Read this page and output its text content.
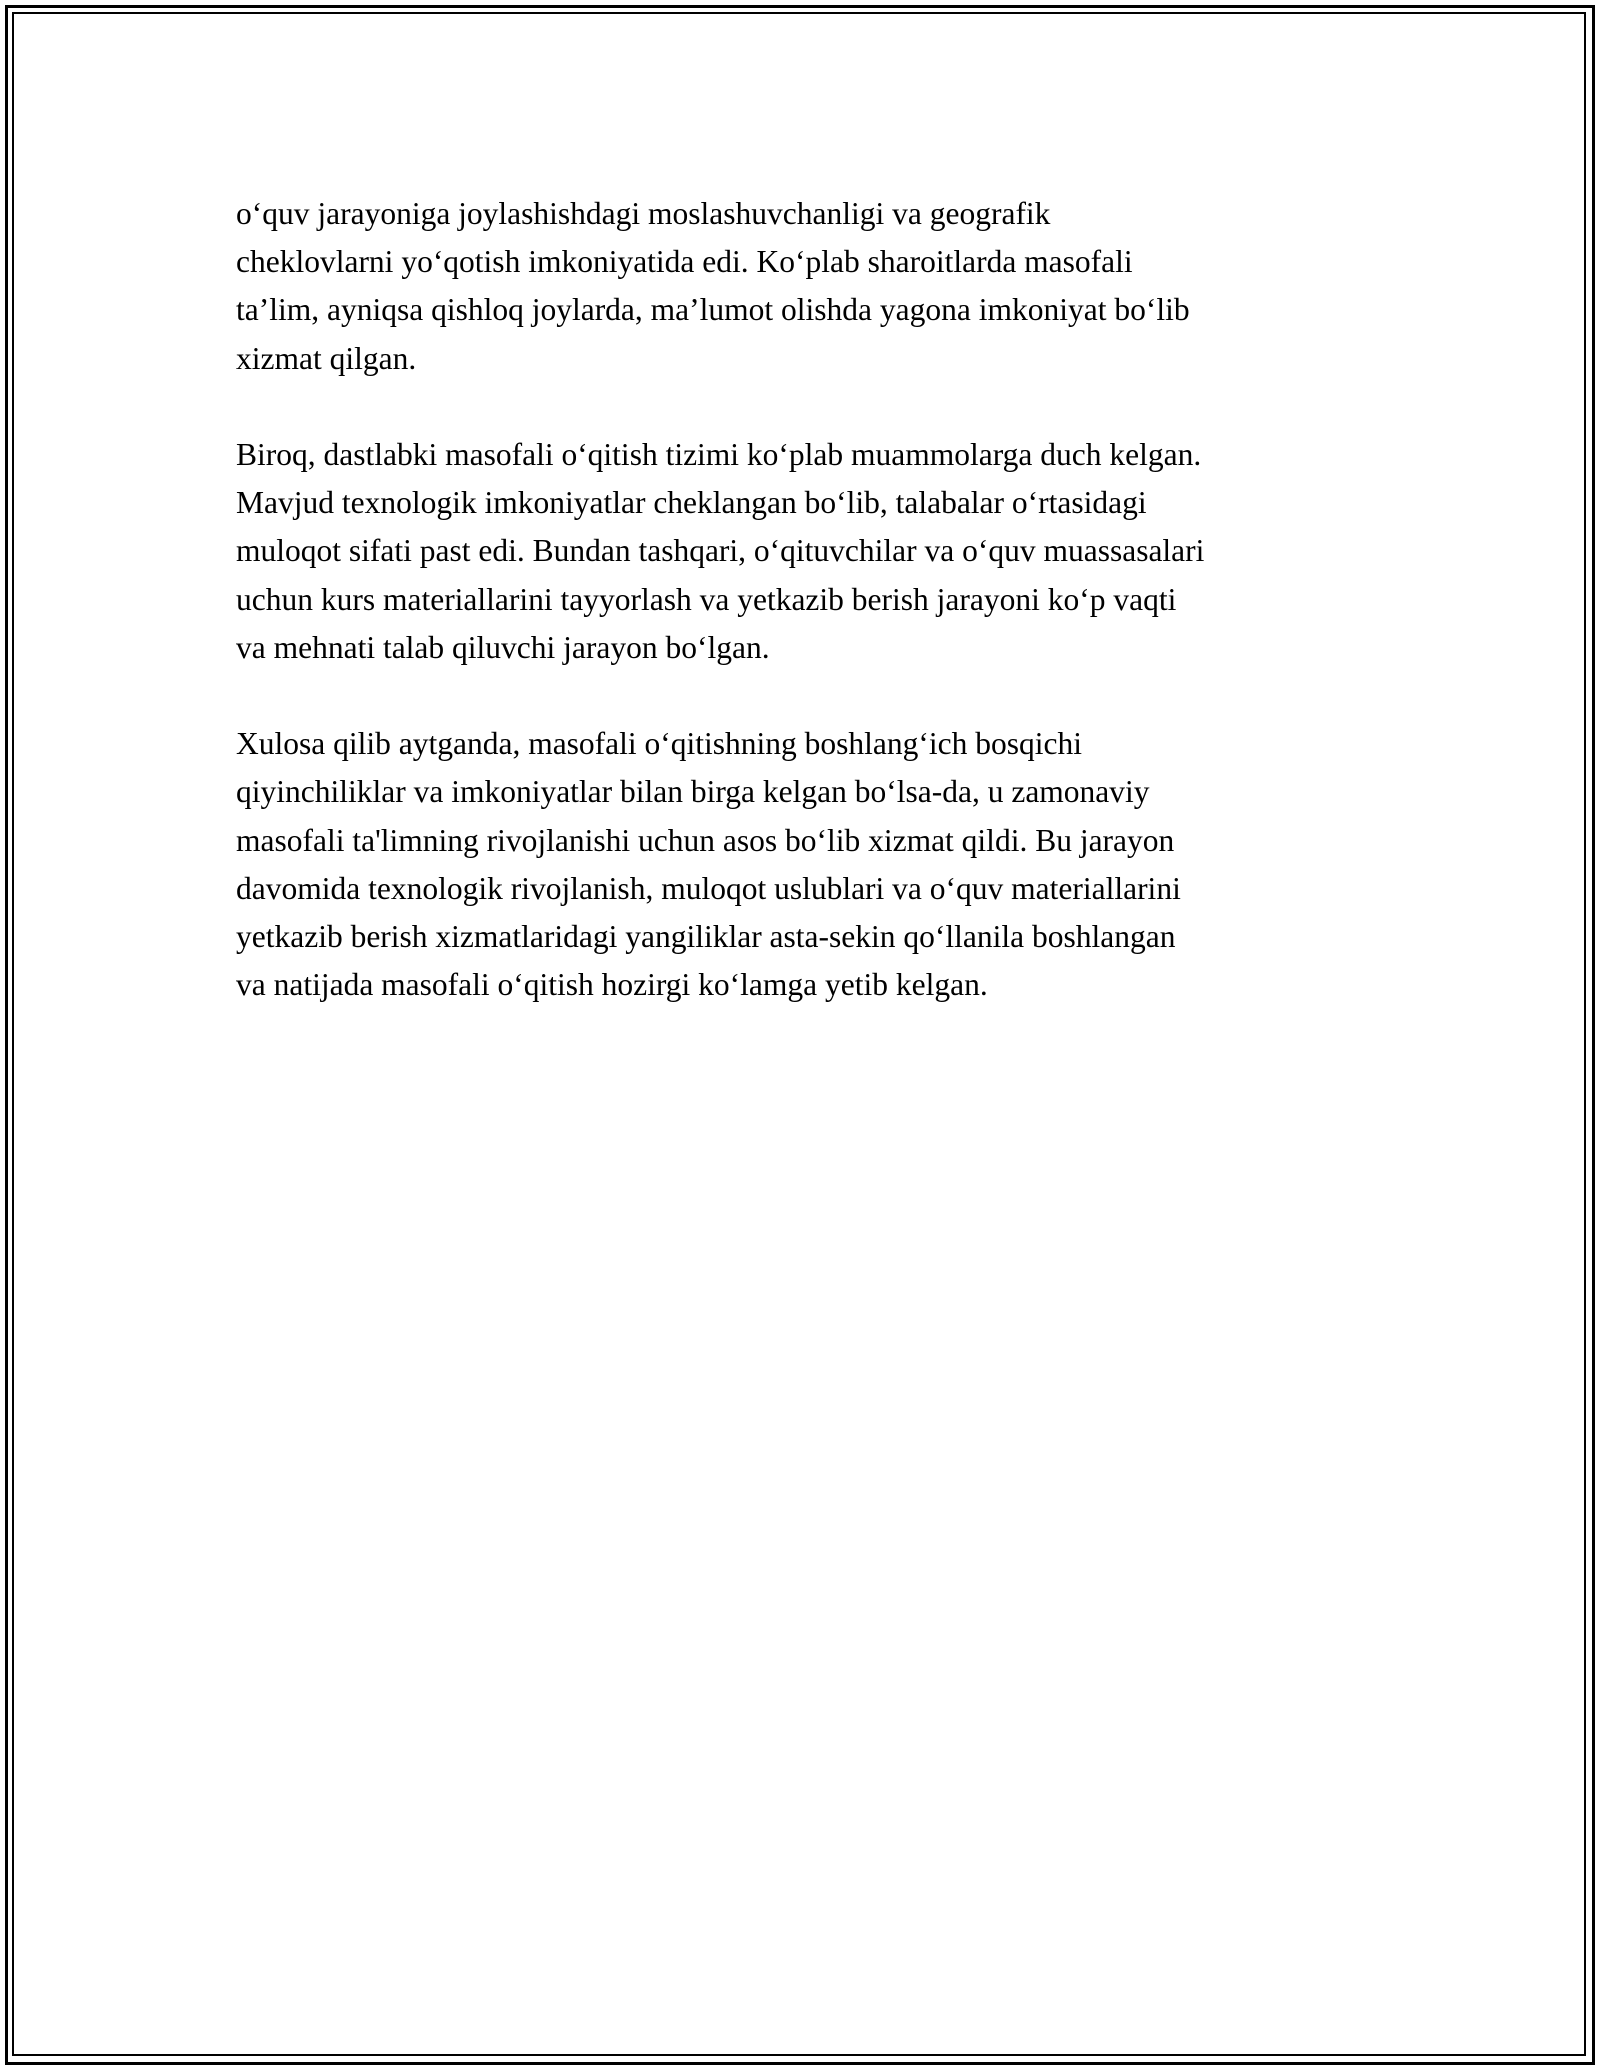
o‘quv jarayoniga joylashishdagi moslashuvchanligi va geografik
cheklovlarni yo‘qotish imkoniyatida edi. Ko‘plab sharoitlarda masofali
ta’lim, ayniqsa qishloq joylarda, ma’lumot olishda yagona imkoniyat bo‘lib
xizmat qilgan.

Biroq, dastlabki masofali o‘qitish tizimi ko‘plab muammolarga duch kelgan.
Mavjud texnologik imkoniyatlar cheklangan bo‘lib, talabalar o‘rtasidagi
muloqot sifati past edi. Bundan tashqari, o‘qituvchilar va o‘quv muassasalari
uchun kurs materiallarini tayyorlash va yetkazib berish jarayoni ko‘p vaqti
va mehnati talab qiluvchi jarayon bo‘lgan.

Xulosa qilib aytganda, masofali o‘qitishning boshlang‘ich bosqichi
qiyinchiliklar va imkoniyatlar bilan birga kelgan bo‘lsa-da, u zamonaviy
masofali ta'limning rivojlanishi uchun asos bo‘lib xizmat qildi. Bu jarayon
davomida texnologik rivojlanish, muloqot uslublari va o‘quv materiallarini
yetkazib berish xizmatlaridagi yangiliklar asta-sekin qo‘llanila boshlangan
va natijada masofali o‘qitish hozirgi ko‘lamga yetib kelgan.
